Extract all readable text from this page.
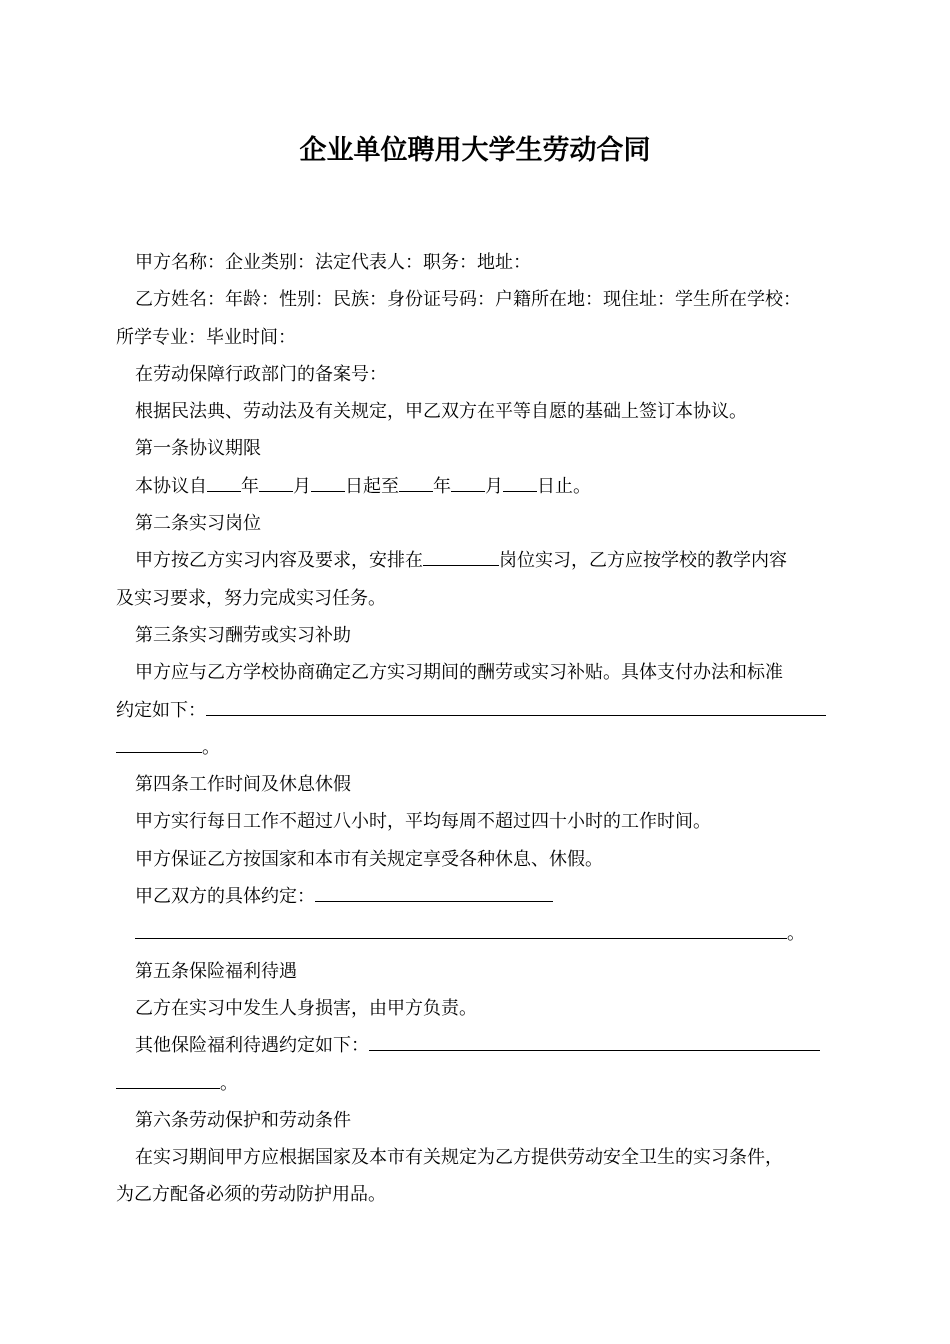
企业单位聘用大学生劳动合同

甲方名称：企业类别：法定代表人：职务：地址：

乙方姓名：年龄：性别：民族：身份证号码：户籍所在地：现住址：学生所在学校：

所学专业：毕业时间：

在劳动保障行政部门的备案号：

根据民法典、劳动法及有关规定，甲乙双方在平等自愿的基础上签订本协议。

第一条协议期限

本协议自 年 月 日起至 年 月 日止。

第二条实习岗位

甲方按乙方实习内容及要求，安排在	岗位实习，乙方应按学校的教学内容

及实习要求，努力完成实习任务。

第三条实习酬劳或实习补助

甲方应与乙方学校协商确定乙方实习期间的酬劳或实习补贴。具体支付办法和标准

约定如下：

。

第四条工作时间及休息休假

甲方实行每日工作不超过八小时，平均每周不超过四十小时的工作时间。

甲方保证乙方按国家和本市有关规定享受各种休息、休假。

甲乙双方的具体约定：

。

第五条保险福利待遇

乙方在实习中发生人身损害，由甲方负责。

其他保险福利待遇约定如下：

。

第六条劳动保护和劳动条件

在实习期间甲方应根据国家及本市有关规定为乙方提供劳动安全卫生的实习条件，

为乙方配备必须的劳动防护用品。
